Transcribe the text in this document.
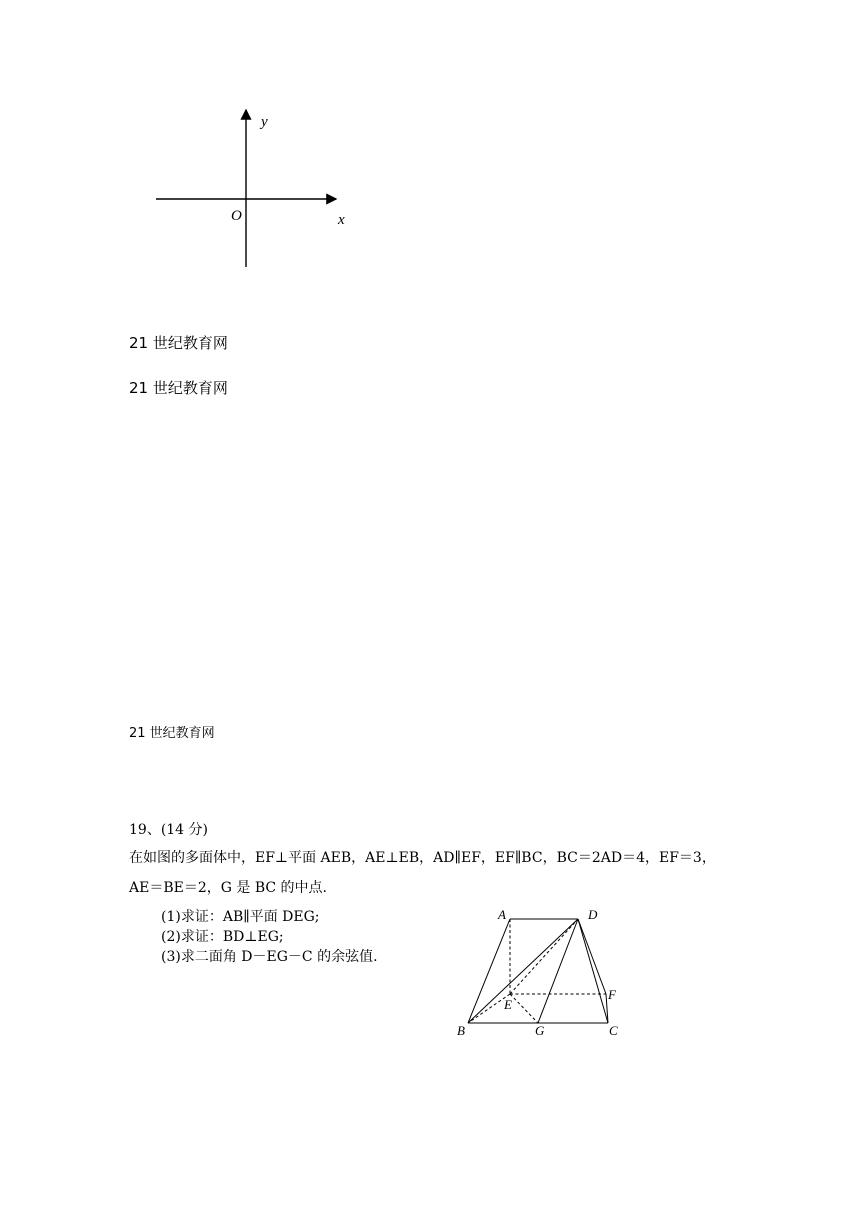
y
x
O
21 世纪教育网
21 世纪教育网
21 世纪教育网
19、(14 分)
在如图的多面体中，EF⊥平面 AEB，AE⊥EB，AD∥EF，EF∥BC，BC＝2AD＝4，EF＝3，
AE＝BE＝2，G 是 BC 的中点.
(1)求证：AB∥平面 DEG;
(2)求证：BD⊥EG;
(3)求二面角 D－EG－C 的余弦值.
A	D
E
F
B	G	C
